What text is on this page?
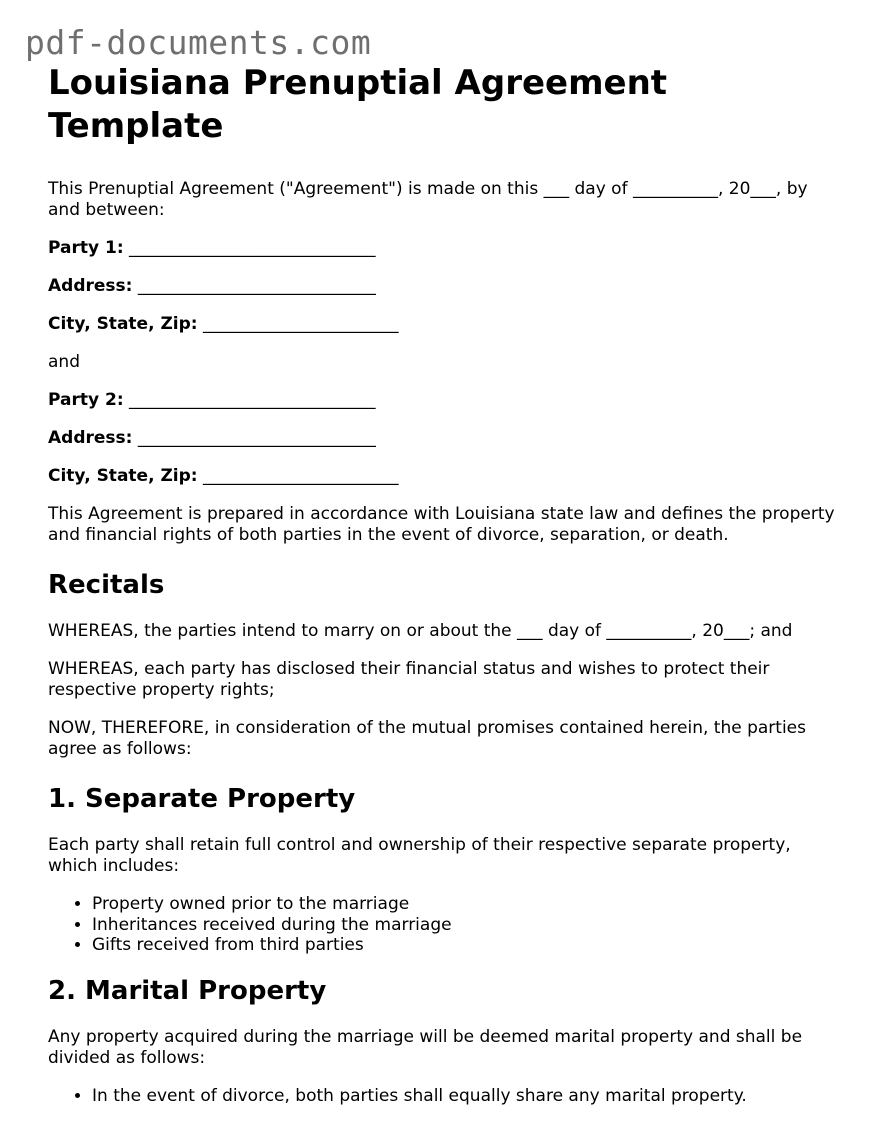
pdf-documents.com
Louisiana Prenuptial Agreement Template

This Prenuptial Agreement ("Agreement") is made on this ___ day of __________, 20___, by and between:

Party 1: _____________________________

Address: ____________________________

City, State, Zip: _______________________

and

Party 2: _____________________________

Address: ____________________________

City, State, Zip: _______________________

This Agreement is prepared in accordance with Louisiana state law and defines the property and financial rights of both parties in the event of divorce, separation, or death.

Recitals

WHEREAS, the parties intend to marry on or about the ___ day of __________, 20___; and

WHEREAS, each party has disclosed their financial status and wishes to protect their respective property rights;

NOW, THEREFORE, in consideration of the mutual promises contained herein, the parties agree as follows:

1. Separate Property

Each party shall retain full control and ownership of their respective separate property, which includes:

• Property owned prior to the marriage
• Inheritances received during the marriage
• Gifts received from third parties
2. Marital Property

Any property acquired during the marriage will be deemed marital property and shall be divided as follows:

• In the event of divorce, both parties shall equally share any marital property.
